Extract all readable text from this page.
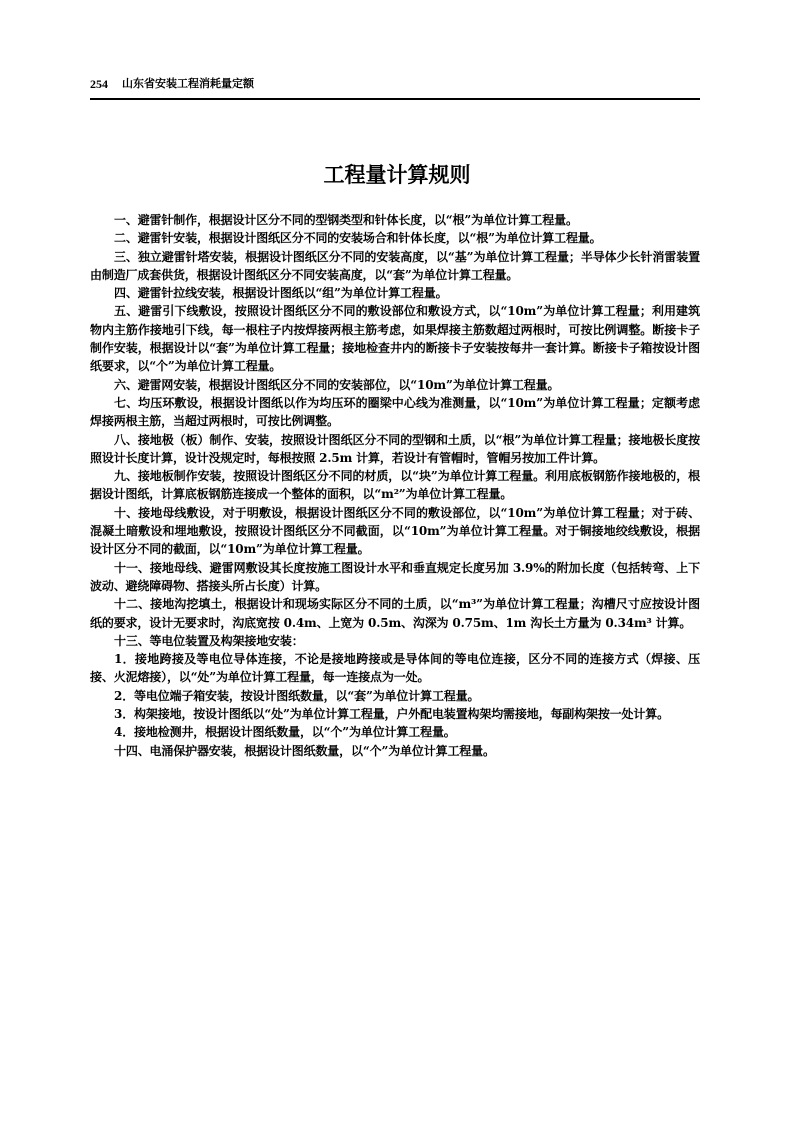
254 山东省安装工程消耗量定额
工程量计算规则

一、避雷针制作，根据设计区分不同的型钢类型和针体长度，以“根”为单位计算工程量。

二、避雷针安装，根据设计图纸区分不同的安装场合和针体长度，以“根”为单位计算工程量。

三、独立避雷针塔安装，根据设计图纸区分不同的安装高度，以“基”为单位计算工程量；半导体少长针消雷装置由制造厂成套供货，根据设计图纸区分不同安装高度，以“套”为单位计算工程量。

四、避雷针拉线安装，根据设计图纸以“组”为单位计算工程量。

五、避雷引下线敷设，按照设计图纸区分不同的敷设部位和敷设方式，以“10m”为单位计算工程量；利用建筑物内主筋作接地引下线，每一根柱子内按焊接两根主筋考虑，如果焊接主筋数超过两根时，可按比例调整。断接卡子制作安装，根据设计以“套”为单位计算工程量；接地检查井内的断接卡子安装按每井一套计算。断接卡子箱按设计图纸要求，以“个”为单位计算工程量。

六、避雷网安装，根据设计图纸区分不同的安装部位，以“10m”为单位计算工程量。

七、均压环敷设，根据设计图纸以作为均压环的圈梁中心线为准测量，以“10m”为单位计算工程量；定额考虑焊接两根主筋，当超过两根时，可按比例调整。

八、接地极（板）制作、安装，按照设计图纸区分不同的型钢和土质，以“根”为单位计算工程量；接地极长度按照设计长度计算，设计没规定时，每根按照 2.5m 计算，若设计有管帽时，管帽另按加工件计算。

九、接地板制作安装，按照设计图纸区分不同的材质，以“块”为单位计算工程量。利用底板钢筋作接地极的，根据设计图纸，计算底板钢筋连接成一个整体的面积，以“m²”为单位计算工程量。

十、接地母线敷设，对于明敷设，根据设计图纸区分不同的敷设部位，以“10m”为单位计算工程量；对于砖、混凝土暗敷设和埋地敷设，按照设计图纸区分不同截面，以“10m”为单位计算工程量。对于铜接地绞线敷设，根据设计区分不同的截面，以“10m”为单位计算工程量。

十一、接地母线、避雷网敷设其长度按施工图设计水平和垂直规定长度另加 3.9%的附加长度（包括转弯、上下波动、避绕障碍物、搭接头所占长度）计算。

十二、接地沟挖填土，根据设计和现场实际区分不同的土质，以“m³”为单位计算工程量；沟槽尺寸应按设计图纸的要求，设计无要求时，沟底宽按 0.4m、上宽为 0.5m、沟深为 0.75m、1m 沟长土方量为 0.34m³ 计算。

十三、等电位装置及构架接地安装：

1．接地跨接及等电位导体连接，不论是接地跨接或是导体间的等电位连接，区分不同的连接方式（焊接、压接、火泥熔接），以“处”为单位计算工程量，每一连接点为一处。

2．等电位端子箱安装，按设计图纸数量，以“套”为单位计算工程量。

3．构架接地，按设计图纸以“处”为单位计算工程量，户外配电装置构架均需接地，每副构架按一处计算。

4．接地检测井，根据设计图纸数量，以“个”为单位计算工程量。

十四、电涌保护器安装，根据设计图纸数量，以“个”为单位计算工程量。
